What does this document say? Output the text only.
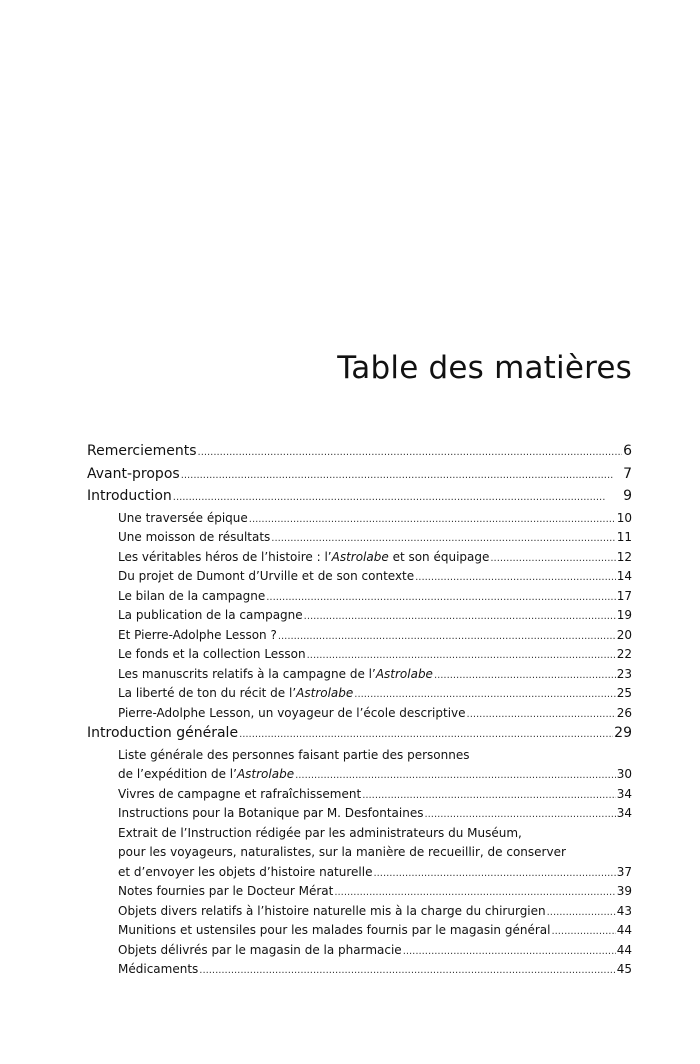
Table des matières
Remerciements . . .	6
Avant-propos . . .	7
Introduction . . .	9
Une traversée épique . . .	10
Une moisson de résultats . . .	11
Les véritables héros de l’histoire : l’Astrolabe et son équipage . . .	12
Du projet de Dumont d’Urville et de son contexte . . .	14
Le bilan de la campagne . . .	17
La publication de la campagne . . .	19
Et Pierre-Adolphe Lesson ? . . .	20
Le fonds et la collection Lesson . . .	22
Les manuscrits relatifs à la campagne de l’Astrolabe . . .	23
La liberté de ton du récit de l’Astrolabe . . .	25
Pierre-Adolphe Lesson, un voyageur de l’école descriptive . . .	26
Introduction générale . . .	29
Liste générale des personnes faisant partie des personnes
de l’expédition de l’Astrolabe . . .	30
Vivres de campagne et rafraîchissement . . .	34
Instructions pour la Botanique par M. Desfontaines . . .	34
Extrait de l’Instruction rédigée par les administrateurs du Muséum,
pour les voyageurs, naturalistes, sur la manière de recueillir, de conserver
et d’envoyer les objets d’histoire naturelle . . .	37
Notes fournies par le Docteur Mérat . . .	39
Objets divers relatifs à l’histoire naturelle mis à la charge du chirurgien . . .	43
Munitions et ustensiles pour les malades fournis par le magasin général . . .	44
Objets délivrés par le magasin de la pharmacie . . .	44
Médicaments . . .	45
